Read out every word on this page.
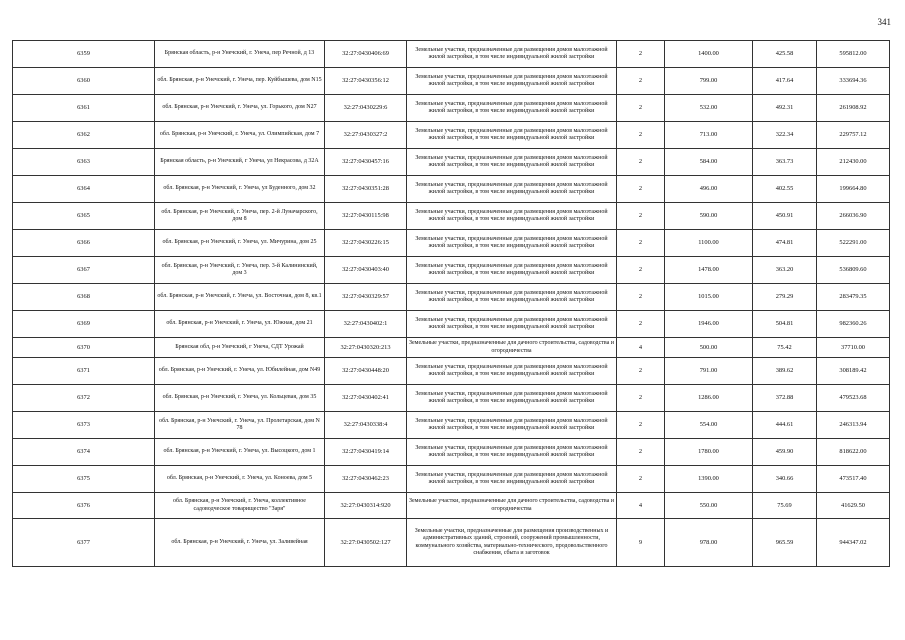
341
6359	Брянская область, р-н Унечский, г. Унеча, пер Речной, д 13	32:27:0430406:69	Земельные участки, предназначенные для размещения домов малоэтажной жилой застройки, в том числе индивидуальной жилой застройки	2	1400.00	425.58	595812.00
6360	обл. Брянская, р-н Унечский, г. Унеча, пер. Куйбышева, дом N15	32:27:0430356:12	Земельные участки, предназначенные для размещения домов малоэтажной жилой застройки, в том числе индивидуальной жилой застройки	2	799.00	417.64	333694.36
6361	обл. Брянская, р-н Унечский, г. Унеча, ул. Горького, дом N27	32:27:0430229:6	Земельные участки, предназначенные для размещения домов малоэтажной жилой застройки, в том числе индивидуальной жилой застройки	2	532.00	492.31	261908.92
6362	обл. Брянская, р-н Унечский, г. Унеча, ул. Олимпийская, дом 7	32:27:0430327:2	Земельные участки, предназначенные для размещения домов малоэтажной жилой застройки, в том числе индивидуальной жилой застройки	2	713.00	322.34	229757.12
6363	Брянская область, р-н Унечский, г Унеча, ул Некрасова, д 32А	32:27:0430457:16	Земельные участки, предназначенные для размещения домов малоэтажной жилой застройки, в том числе индивидуальной жилой застройки	2	584.00	363.73	212430.00
6364	обл. Брянская, р-н Унечский, г. Унеча, ул Буденного, дом 32	32:27:0430351:28	Земельные участки, предназначенные для размещения домов малоэтажной жилой застройки, в том числе индивидуальной жилой застройки	2	496.00	402.55	199664.80
6365	обл. Брянская, р-н Унечский, г. Унеча, пер. 2-й Луначарского, дом 8	32:27:0430115:98	Земельные участки, предназначенные для размещения домов малоэтажной жилой застройки, в том числе индивидуальной жилой застройки	2	590.00	450.91	266036.90
6366	обл. Брянская, р-н Унечский, г. Унеча, ул. Мичурина, дом 25	32:27:0430226:15	Земельные участки, предназначенные для размещения домов малоэтажной жилой застройки, в том числе индивидуальной жилой застройки	2	1100.00	474.81	522291.00
6367	обл. Брянская, р-н Унечский, г. Унеча, пер. 3-й Калининский, дом 3	32:27:0430403:40	Земельные участки, предназначенные для размещения домов малоэтажной жилой застройки, в том числе индивидуальной жилой застройки	2	1478.00	363.20	536809.60
6368	обл. Брянская, р-н Унечский, г. Унеча, ул. Восточная, дом 8, кв.1	32:27:0430329:57	Земельные участки, предназначенные для размещения домов малоэтажной жилой застройки, в том числе индивидуальной жилой застройки	2	1015.00	279.29	283479.35
6369	обл. Брянская, р-н Унечский, г. Унеча, ул. Южная, дом 21	32:27:0430402:1	Земельные участки, предназначенные для размещения домов малоэтажной жилой застройки, в том числе индивидуальной жилой застройки	2	1946.00	504.81	982360.26
6370	Брянская обл, р-н Унечский, г Унеча, СДТ Урожай	32:27:0430320:213	Земельные участки, предназначенные для дачного строительства, садоводства и огородничества	4	500.00	75.42	37710.00
6371	обл. Брянская, р-н Унечский, г. Унеча, ул. Юбилейная, дом N49	32:27:0430448:20	Земельные участки, предназначенные для размещения домов малоэтажной жилой застройки, в том числе индивидуальной жилой застройки	2	791.00	389.62	308189.42
6372	обл. Брянская, р-н Унечский, г. Унеча, ул. Кольцевая, дом 35	32:27:0430402:41	Земельные участки, предназначенные для размещения домов малоэтажной жилой застройки, в том числе индивидуальной жилой застройки	2	1286.00	372.88	479523.68
6373	обл. Брянская, р-н Унечский, г. Унеча, ул. Пролетарская, дом N 78	32:27:0430338:4	Земельные участки, предназначенные для размещения домов малоэтажной жилой застройки, в том числе индивидуальной жилой застройки	2	554.00	444.61	246313.94
6374	обл. Брянская, р-н Унечский, г. Унеча, ул. Высоцкого, дом 1	32:27:0430419:14	Земельные участки, предназначенные для размещения домов малоэтажной жилой застройки, в том числе индивидуальной жилой застройки	2	1780.00	459.90	818622.00
6375	обл. Брянская, р-н Унечский, г. Унеча, ул. Коноева, дом 5	32:27:0430462:23	Земельные участки, предназначенные для размещения домов малоэтажной жилой застройки, в том числе индивидуальной жилой застройки	2	1390.00	340.66	473517.40
6376	обл. Брянская, р-н Унечский, г. Унеча, коллективное садоводческое товарищество "Заря"	32:27:0430314:920	Земельные участки, предназначенные для дачного строительства, садоводства и огородничества	4	550.00	75.69	41629.50
6377	обл. Брянская, р-н Унечский, г. Унеча, ул. Заливейная	32:27:0430502:127	Земельные участки, предназначенные для размещения производственных и административных зданий, строений, сооружений промышленности, коммунального хозяйства, материально-технического, продовольственного снабжения, сбыта и заготовок	9	978.00	965.59	944347.02
